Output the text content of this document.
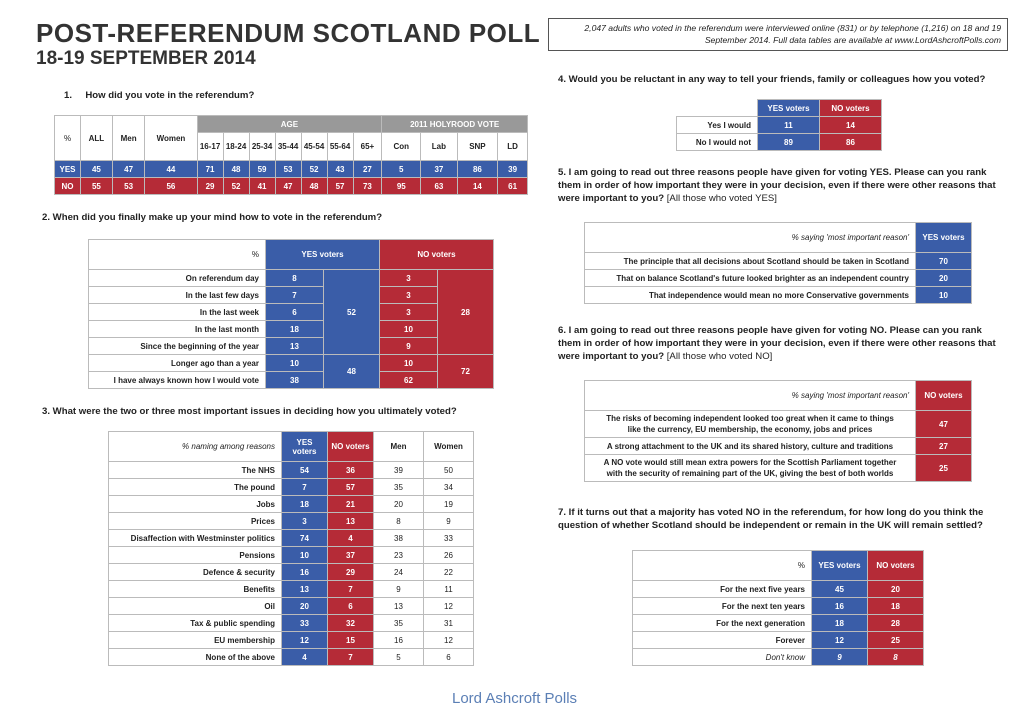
POST-REFERENDUM SCOTLAND POLL
18-19 SEPTEMBER 2014
2,047 adults who voted in the referendum were interviewed online (831) or by telephone (1,216) on 18 and 19 September 2014. Full data tables are available at www.LordAshcroftPolls.com
1. How did you vote in the referendum?
%	ALL	Men	Women	AGE							2011 HOLYROOD VOTE			
				16-17	18-24	25-34	35-44	45-54	55-64	65+	Con	Lab	SNP	LD
YES	45	47	44	71	48	59	53	52	43	27	5	37	86	39
NO	55	53	56	29	52	41	47	48	57	73	95	63	14	61
2. When did you finally make up your mind how to vote in the referendum?
%	YES voters		NO voters	
On referendum day	8	52	3	28
In the last few days	7		3	
In the last week	6		3	
In the last month	18		10	
Since the beginning of the year	13		9	
Longer ago than a year	10	48	10	72
I have always known how I would vote	38		62	
3. What were the two or three most important issues in deciding how you ultimately voted?
% naming among reasons	YES voters	NO voters	Men	Women
The NHS	54	36	39	50
The pound	7	57	35	34
Jobs	18	21	20	19
Prices	3	13	8	9
Disaffection with Westminster politics	74	4	38	33
Pensions	10	37	23	26
Defence & security	16	29	24	22
Benefits	13	7	9	11
Oil	20	6	13	12
Tax & public spending	33	32	35	31
EU membership	12	15	16	12
None of the above	4	7	5	6
4. Would you be reluctant in any way to tell your friends, family or colleagues how you voted?
	YES voters	NO voters
Yes I would	11	14
No I would not	89	86
5. I am going to read out three reasons people have given for voting YES. Please can you rank them in order of how important they were in your decision, even if there were other reasons that were important to you? [All those who voted YES]
% saying 'most important reason'	YES voters
The principle that all decisions about Scotland should be taken in Scotland	70
That on balance Scotland's future looked brighter as an independent country	20
That independence would mean no more Conservative governments	10
6. I am going to read out three reasons people have given for voting NO. Please can you rank them in order of how important they were in your decision, even if there were other reasons that were important to you? [All those who voted NO]
% saying 'most important reason'	NO voters

The risks of becoming independent looked too great when it came to things
like the currency, EU membership, the economy, jobs and prices	47
A strong attachment to the UK and its shared history, culture and traditions	27

A NO vote would still mean extra powers for the Scottish Parliament together
with the security of remaining part of the UK, giving the best of both worlds	25
7. If it turns out that a majority has voted NO in the referendum, for how long do you think the question of whether Scotland should be independent or remain in the UK will remain settled?
%	YES voters	NO voters
For the next five years	45	20
For the next ten years	16	18
For the next generation	18	28
Forever	12	25
Don't know	9	8
Lord Ashcroft Polls
